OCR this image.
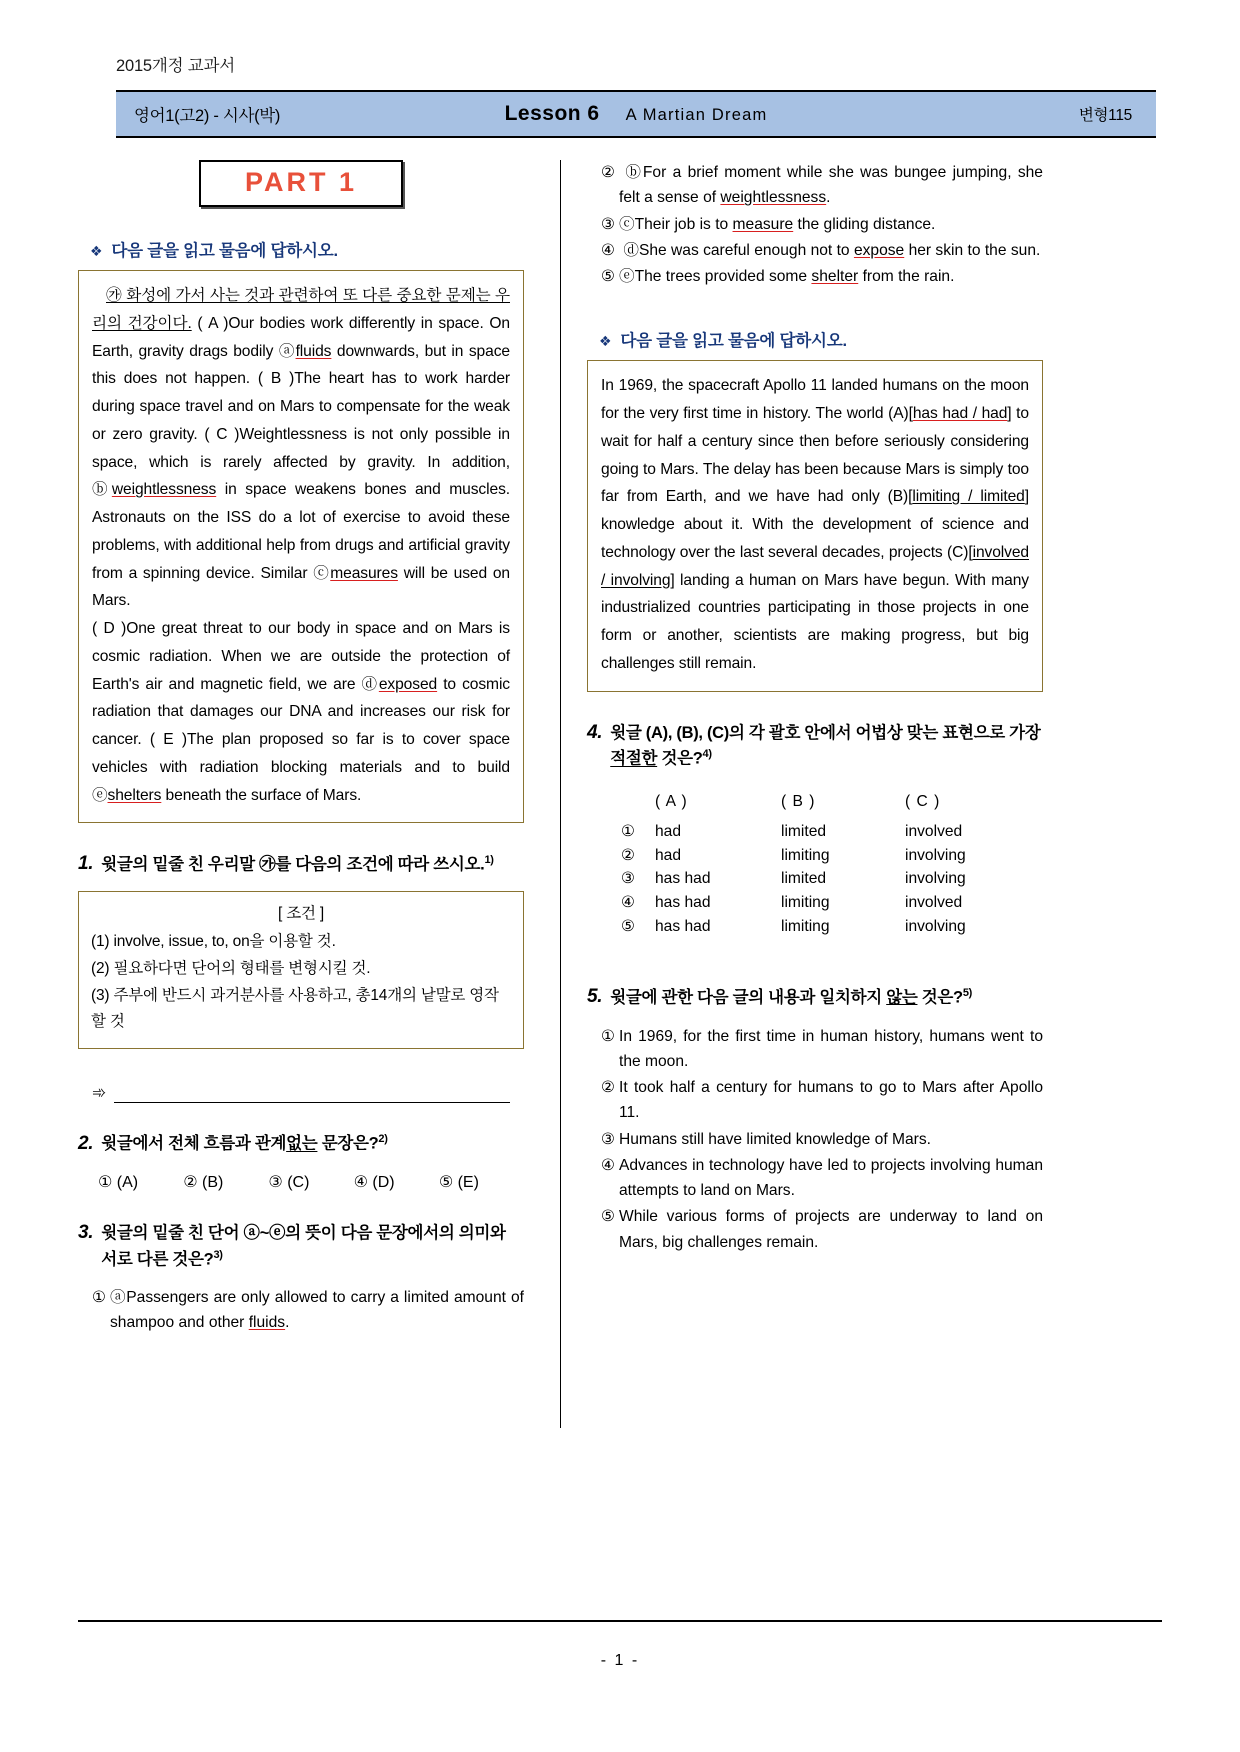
2015개정 교과서
영어1(고2) - 시사(박)	Lesson 6 A Martian Dream	변형115
PART 1
❖ 다음 글을 읽고 물음에 답하시오.

㉮ 화성에 가서 사는 것과 관련하여 또 다른 중요한 문제는 우리의 건강이다. ( A )Our bodies work differently in space. On Earth, gravity drags bodily ⓐfluids downwards, but in space this does not happen. ( B )The heart has to work harder during space travel and on Mars to compensate for the weak or zero gravity. ( C )Weightlessness is not only possible in space, which is rarely affected by gravity. In addition, ⓑweightlessness in space weakens bones and muscles. Astronauts on the ISS do a lot of exercise to avoid these problems, with additional help from drugs and artificial gravity from a spinning device. Similar ⓒmeasures will be used on Mars.

( D )One great threat to our body in space and on Mars is cosmic radiation. When we are outside the protection of Earth's air and magnetic field, we are ⓓexposed to cosmic radiation that damages our DNA and increases our risk for cancer. ( E )The plan proposed so far is to cover space vehicles with radiation blocking materials and to build ⓔshelters beneath the surface of Mars.

1. 윗글의 밑줄 친 우리말 ㉮를 다음의 조건에 따라 쓰시오.$^{1)}$
[ 조건 ]
(1) involve, issue, to, on을 이용할 것.
(2) 필요하다면 단어의 형태를 변형시킬 것.
(3) 주부에 반드시 과거분사를 사용하고, 총14개의 낱말로 영작할 것
➾
2. 윗글에서 전체 흐름과 관계없는 문장은?$^{2)}$
① (A)	② (B)	③ (C)	④ (D)	⑤ (E)
3. 윗글의 밑줄 친 단어 ⓐ~ⓔ의 뜻이 다음 문장에서의 의미와 서로 다른 것은?$^{3)}$
① ⓐPassengers are only allowed to carry a limited amount of shampoo and other fluids.
② ⓑFor a brief moment while she was bungee jumping, she felt a sense of weightlessness.
③ ⓒTheir job is to measure the gliding distance.
④ ⓓShe was careful enough not to expose her skin to the sun.
⑤ ⓔThe trees provided some shelter from the rain.
❖ 다음 글을 읽고 물음에 답하시오.

In 1969, the spacecraft Apollo 11 landed humans on the moon for the very first time in history. The world (A)[has had / had] to wait for half a century since then before seriously considering going to Mars. The delay has been because Mars is simply too far from Earth, and we have had only (B)[limiting / limited] knowledge about it. With the development of science and technology over the last several decades, projects (C)[involved / involving] landing a human on Mars have begun. With many industrialized countries participating in those projects in one form or another, scientists are making progress, but big challenges still remain.

4. 윗글 (A), (B), (C)의 각 괄호 안에서 어법상 맞는 표현으로 가장 적절한 것은?$^{4)}$
( A )	( B )	( C )
①	had	limited	involved
②	had	limiting	involving
③	has had	limited	involving
④	has had	limiting	involved
⑤	has had	limiting	involving
5. 윗글에 관한 다음 글의 내용과 일치하지 않는 것은?$^{5)}$
① In 1969, for the first time in human history, humans went to the moon.
② It took half a century for humans to go to Mars after Apollo 11.
③ Humans still have limited knowledge of Mars.
④ Advances in technology have led to projects involving human attempts to land on Mars.
⑤ While various forms of projects are underway to land on Mars, big challenges remain.
- 1 -
